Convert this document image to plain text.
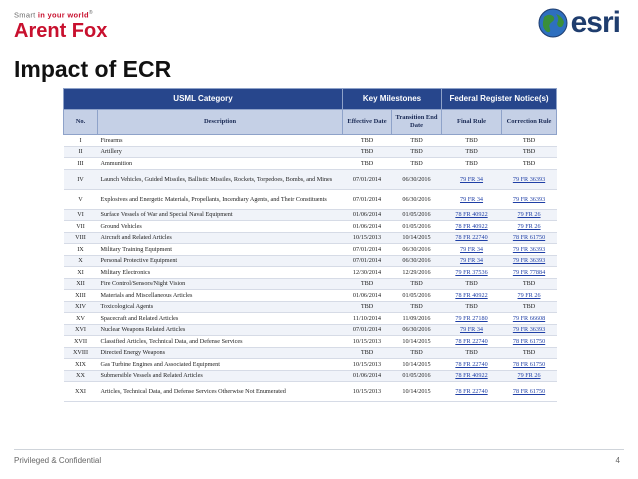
Smart in your world®
Arent Fox	esri
Impact of ECR
USML Category		Key Milestones		Federal Register Notice(s)	
No.	Description	Effective Date	Transition End Date	Final Rule	Correction Rule
I	Firearms	TBD	TBD	TBD	TBD
II	Artillery	TBD	TBD	TBD	TBD
III	Ammunition	TBD	TBD	TBD	TBD
IV	Launch Vehicles, Guided Missiles, Ballistic Missiles, Rockets, Torpedoes, Bombs, and Mines	07/01/2014	06/30/2016	79 FR 34	79 FR 36393
V	Explosives and Energetic Materials, Propellants, Incendiary Agents, and Their Constituents	07/01/2014	06/30/2016	79 FR 34	79 FR 36393
VI	Surface Vessels of War and Special Naval Equipment	01/06/2014	01/05/2016	78 FR 40922	79 FR 26
VII	Ground Vehicles	01/06/2014	01/05/2016	78 FR 40922	79 FR 26
VIII	Aircraft and Related Articles	10/15/2013	10/14/2015	78 FR 22740	78 FR 61750
IX	Military Training Equipment	07/01/2014	06/30/2016	79 FR 34	79 FR 36393
X	Personal Protective Equipment	07/01/2014	06/30/2016	79 FR 34	79 FR 36393
XI	Military Electronics	12/30/2014	12/29/2016	79 FR 37536	79 FR 77884
XII	Fire Control/Sensors/Night Vision	TBD	TBD	TBD	TBD
XIII	Materials and Miscellaneous Articles	01/06/2014	01/05/2016	78 FR 40922	79 FR 26
XIV	Toxicological Agents	TBD	TBD	TBD	TBD
XV	Spacecraft and Related Articles	11/10/2014	11/09/2016	79 FR 27180	79 FR 66608
XVI	Nuclear Weapons Related Articles	07/01/2014	06/30/2016	79 FR 34	79 FR 36393
XVII	Classified Articles, Technical Data, and Defense Services	10/15/2013	10/14/2015	78 FR 22740	78 FR 61750
XVIII	Directed Energy Weapons	TBD	TBD	TBD	TBD
XIX	Gas Turbine Engines and Associated Equipment	10/15/2013	10/14/2015	78 FR 22740	78 FR 61750
XX	Submersible Vessels and Related Articles	01/06/2014	01/05/2016	78 FR 40922	79 FR 26
XXI	Articles, Technical Data, and Defense Services Otherwise Not Enumerated	10/15/2013	10/14/2015	78 FR 22740	78 FR 61750
Privileged & Confidential	4
